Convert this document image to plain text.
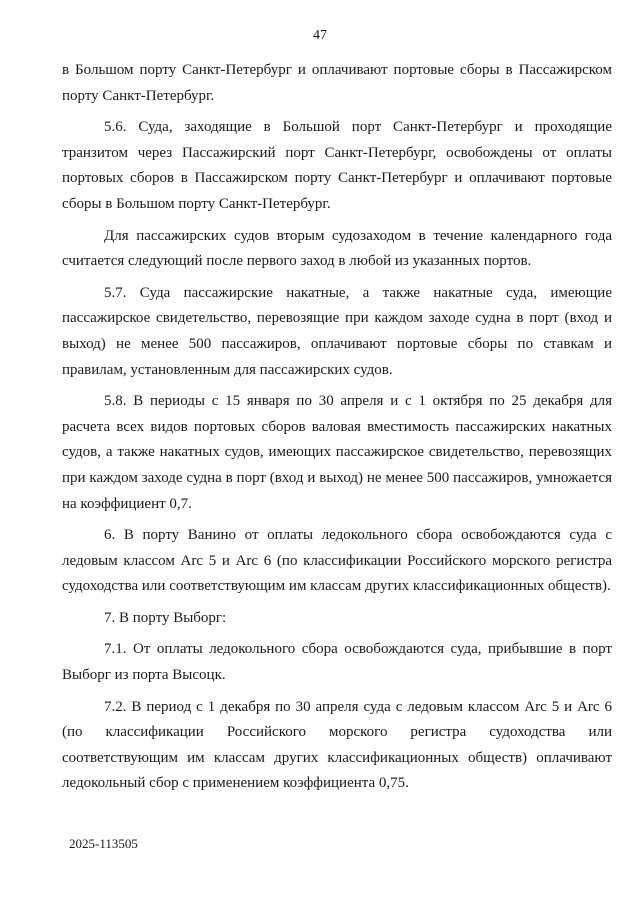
47

в Большом порту Санкт-Петербург и оплачивают портовые сборы в Пассажирском порту Санкт-Петербург.

5.6. Суда, заходящие в Большой порт Санкт-Петербург и проходящие транзитом через Пассажирский порт Санкт-Петербург, освобождены от оплаты портовых сборов в Пассажирском порту Санкт-Петербург и оплачивают портовые сборы в Большом порту Санкт-Петербург.

Для пассажирских судов вторым судозаходом в течение календарного года считается следующий после первого заход в любой из указанных портов.

5.7. Суда пассажирские накатные, а также накатные суда, имеющие пассажирское свидетельство, перевозящие при каждом заходе судна в порт (вход и выход) не менее 500 пассажиров, оплачивают портовые сборы по ставкам и правилам, установленным для пассажирских судов.

5.8. В периоды с 15 января по 30 апреля и с 1 октября по 25 декабря для расчета всех видов портовых сборов валовая вместимость пассажирских накатных судов, а также накатных судов, имеющих пассажирское свидетельство, перевозящих при каждом заходе судна в порт (вход и выход) не менее 500 пассажиров, умножается на коэффициент 0,7.

6. В порту Ванино от оплаты ледокольного сбора освобождаются суда с ледовым классом Arc 5 и Arc 6 (по классификации Российского морского регистра судоходства или соответствующим им классам других классификационных обществ).

7. В порту Выборг:

7.1. От оплаты ледокольного сбора освобождаются суда, прибывшие в порт Выборг из порта Высоцк.

7.2. В период с 1 декабря по 30 апреля суда с ледовым классом Arc 5 и Arc 6 (по классификации Российского морского регистра судоходства или соответствующим им классам других классификационных обществ) оплачивают ледокольный сбор с применением коэффициента 0,75.

2025-113505
